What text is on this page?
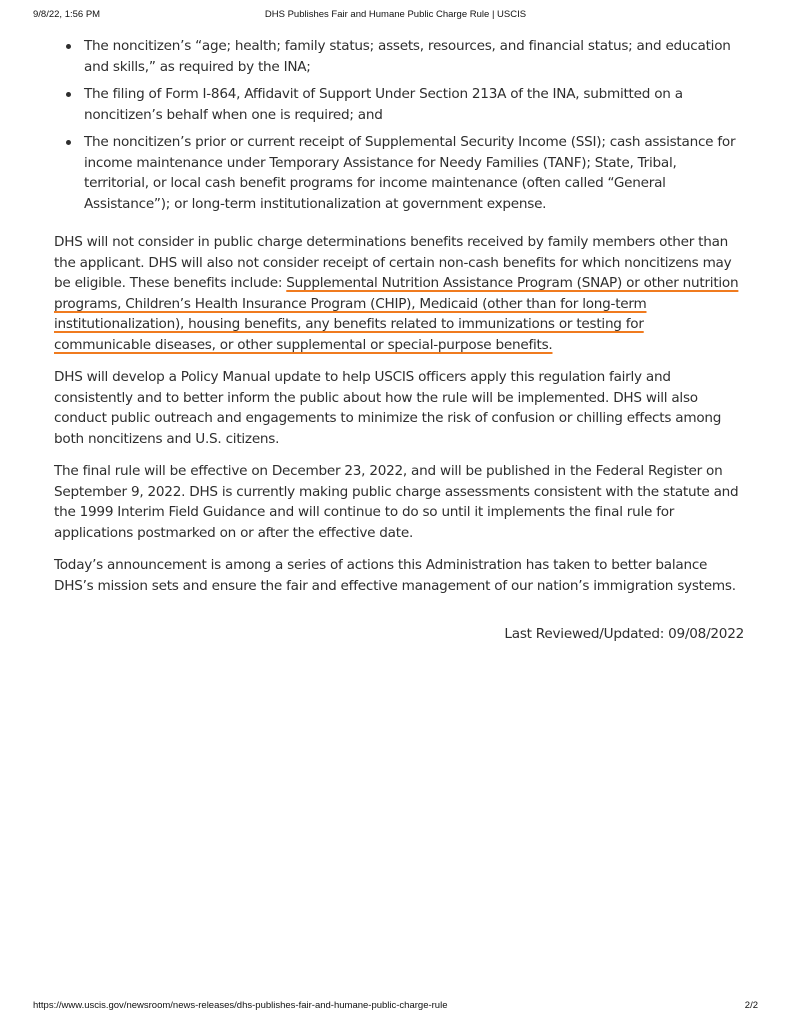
9/8/22, 1:56 PM	DHS Publishes Fair and Humane Public Charge Rule | USCIS
The noncitizen’s “age; health; family status; assets, resources, and financial status; and education and skills,” as required by the INA;
The filing of Form I-864, Affidavit of Support Under Section 213A of the INA, submitted on a noncitizen’s behalf when one is required; and
The noncitizen’s prior or current receipt of Supplemental Security Income (SSI); cash assistance for income maintenance under Temporary Assistance for Needy Families (TANF); State, Tribal, territorial, or local cash benefit programs for income maintenance (often called “General Assistance”); or long-term institutionalization at government expense.

DHS will not consider in public charge determinations benefits received by family members other than the applicant. DHS will also not consider receipt of certain non-cash benefits for which noncitizens may be eligible. These benefits include: Supplemental Nutrition Assistance Program (SNAP) or other nutrition programs, Children’s Health Insurance Program (CHIP), Medicaid (other than for long-term institutionalization), housing benefits, any benefits related to immunizations or testing for communicable diseases, or other supplemental or special-purpose benefits.

DHS will develop a Policy Manual update to help USCIS officers apply this regulation fairly and consistently and to better inform the public about how the rule will be implemented. DHS will also conduct public outreach and engagements to minimize the risk of confusion or chilling effects among both noncitizens and U.S. citizens.

The final rule will be effective on December 23, 2022, and will be published in the Federal Register on September 9, 2022. DHS is currently making public charge assessments consistent with the statute and the 1999 Interim Field Guidance and will continue to do so until it implements the final rule for applications postmarked on or after the effective date.

Today’s announcement is among a series of actions this Administration has taken to better balance DHS’s mission sets and ensure the fair and effective management of our nation’s immigration systems.

Last Reviewed/Updated: 09/08/2022
https://www.uscis.gov/newsroom/news-releases/dhs-publishes-fair-and-humane-public-charge-rule	2/2
